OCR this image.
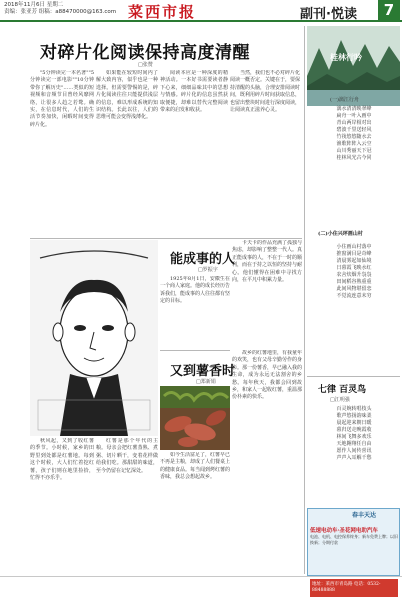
2018年11月6日 星期二
责编：张亚芳 组稿：a88470000@163.com 菜西市报	副刊·悦读	7
对碎片化阅读保持高度清醒
□张赞

"5分钟读完一本名著""5分钟读完一部电影""10分钟带你了解历史"……类似的短视频和音频节目曾经风靡网络，让很多人趋之若鹜。确实，在信息时代，人们的生活节奏加快，闲暇时间变得碎片化。

如果能在较短时间内了解大致内容，似乎也是一种选择。但需要警惕的是，碎片化阅读往往只能提供浅层的信息，难以形成系统的知识结构。长此以往，人们的思维可能会变得浅薄化。

阅读本应是一种深度的精神活动。一本好书需要读者静下心来，细细品味其中的思想与情感。碎片化的信息虽然获取便捷，却难以替代完整阅读带来的启发和收获。

当然，我们也不必对碎片化阅读一概否定。关键在于，要保持清醒的头脑，合理安排阅读时间，既利用碎片时间获取信息，也留出整块时间进行深度阅读，让阅读真正滋养心灵。

能成事的人
□罗振宇

1925年8月1日，安徽生在一个商人家庭。他的成长经历告诉我们，能成事的人往往都有坚定的目标。

卡夫卡的作品充满了孤独与焦虑，却影响了整整一代人。真正能成事的人，不在于一时的顺利，而在于持之以恒的坚持与耐心。他们懂得在困难中寻找方向，在平凡中积累力量。

秋风起，又到了收红薯的季节。小时候，家乡的田野里到处都是红薯地。每到这个时候，大人们忙着挖红薯，孩子们则在地里捡拾，忙得不亦乐乎。

红薯是那个年代的主粮。母亲会把红薯蒸熟、煮粥、切片晒干，变着花样做给我们吃。那甜甜的味道，至今仍留在记忆深处。

又到薯香时
□郑新娟

如今生活富足了，红薯早已不再是主粮，却成了人们餐桌上的健康食品。每当闻到烤红薯的香味，我总会想起故乡。

故乡的红薯地里，有我童年的欢笑，也有父母辛勤劳作的身影。那一份薯香，早已融入我的生命，成为永远无法割舍的乡愁。每年秋天，我都会回到故乡，和家人一起收红薯，重温那份朴素的快乐。

桂林行吟
(一)漓江行舟
漓水清清映翠峰
扁舟一叶入画中
青山两岸相对出
碧波千里送轻风
竹筏悠悠随水去
渔歌阵阵入云空
山川秀丽天下冠
桂林风光古今同
(二)小住兴坪画山村
小住画山村落中
推窗满目是奇峰
清晨雾起如仙境
日暮霞飞映水红
农舍炊烟升袅袅
田间稻谷熟重重
此间风物堪留恋
不觉流连意未穷
七律 百灵鸟
□江明强
百灵婉转唱枝头
歌声悠扬韵味柔
晨起迎来朝日暖
暮归送走晚霞收
林间飞舞多欢乐
天地翱翔任自由
愿作人间传喜讯
声声入耳解千愁
春丰天达
低速电动车·圣花网电助汽车
电池、电机、电控保养终身；新车免费上牌；以旧换新；分期付款
地址：莱西市青岛路 电话：0532-88488888
